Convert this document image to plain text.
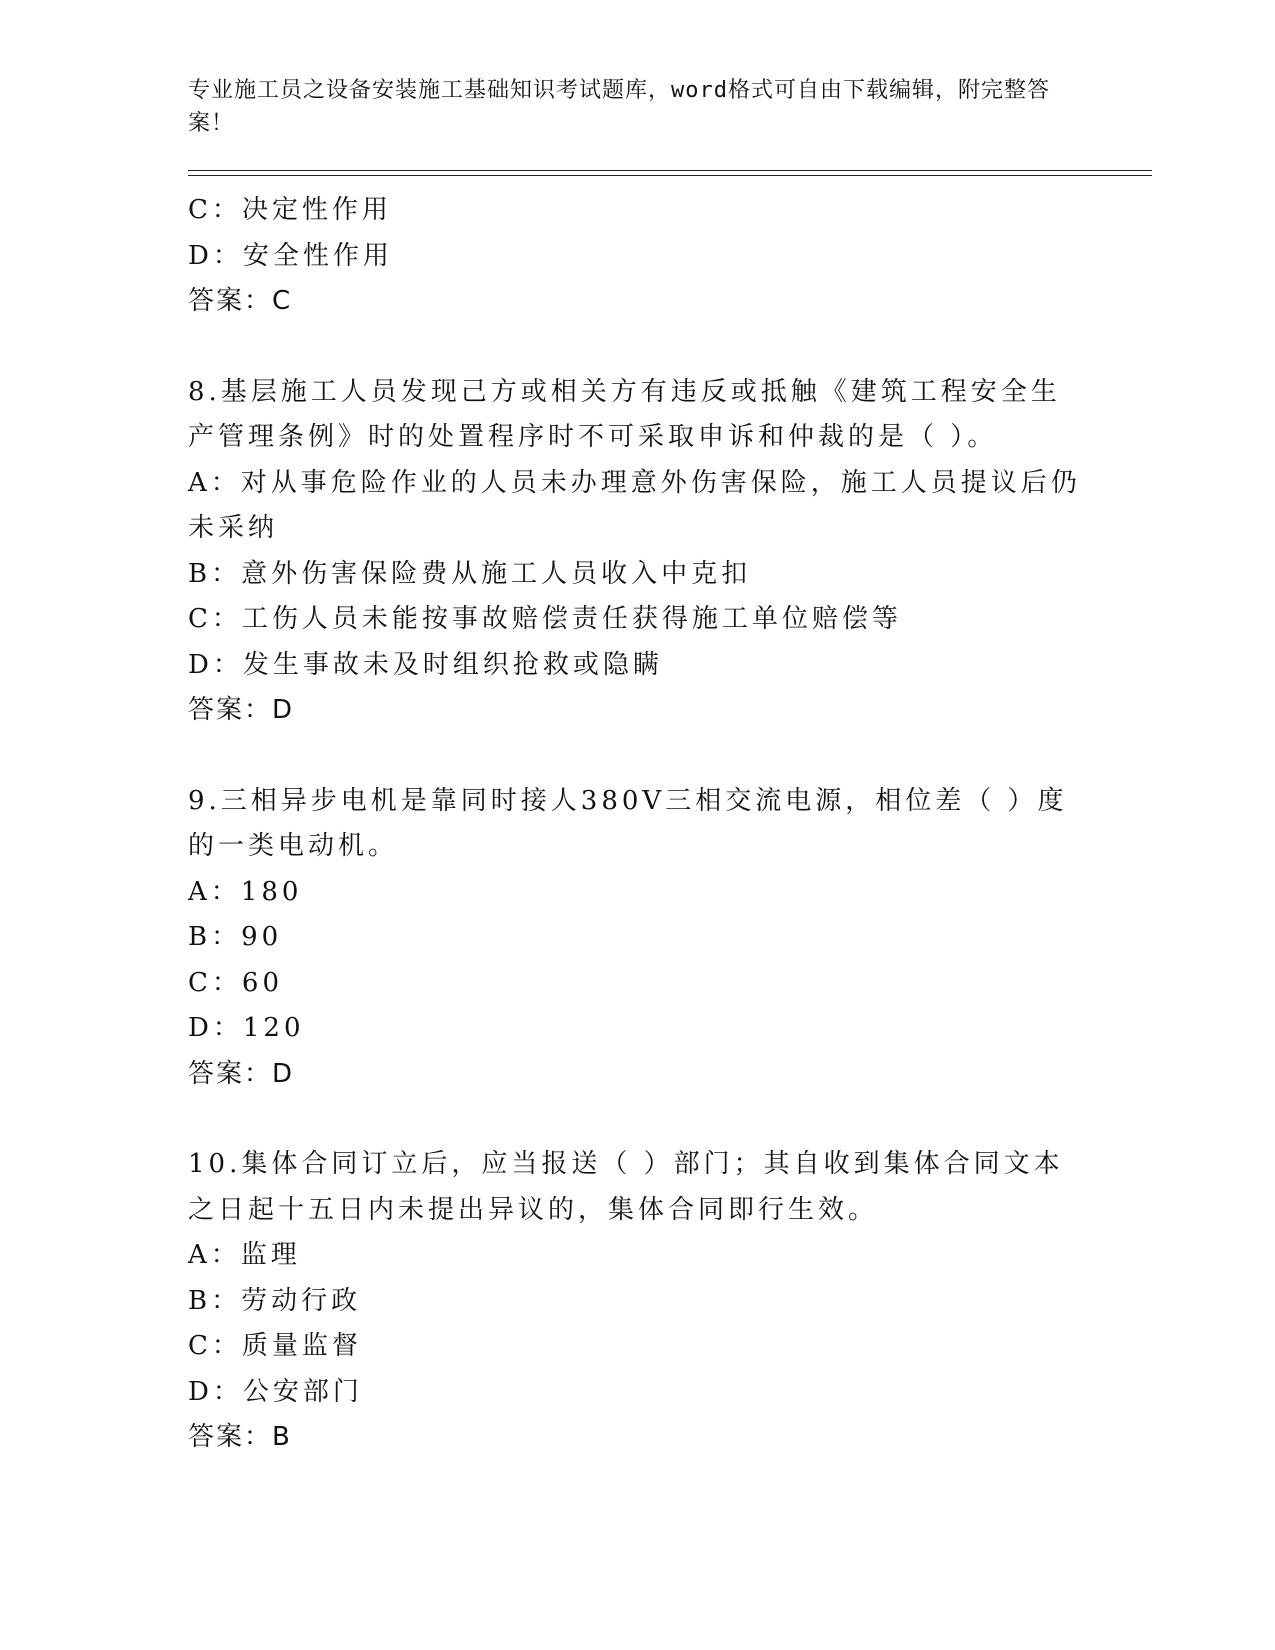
专业施工员之设备安装施工基础知识考试题库，word格式可自由下载编辑，附完整答案！
C：决定性作用
D：安全性作用
答案：C
8.基层施工人员发现己方或相关方有违反或抵触《建筑工程安全生产管理条例》时的处置程序时不可采取申诉和仲裁的是（ ）。
A：对从事危险作业的人员未办理意外伤害保险，施工人员提议后仍未采纳
B：意外伤害保险费从施工人员收入中克扣
C：工伤人员未能按事故赔偿责任获得施工单位赔偿等
D：发生事故未及时组织抢救或隐瞒
答案：D
9.三相异步电机是靠同时接人380V三相交流电源，相位差（ ）度的一类电动机。
A：180
B：90
C：60
D：120
答案：D
10.集体合同订立后，应当报送（ ）部门；其自收到集体合同文本之日起十五日内未提出异议的，集体合同即行生效。
A：监理
B：劳动行政
C：质量监督
D：公安部门
答案：B
